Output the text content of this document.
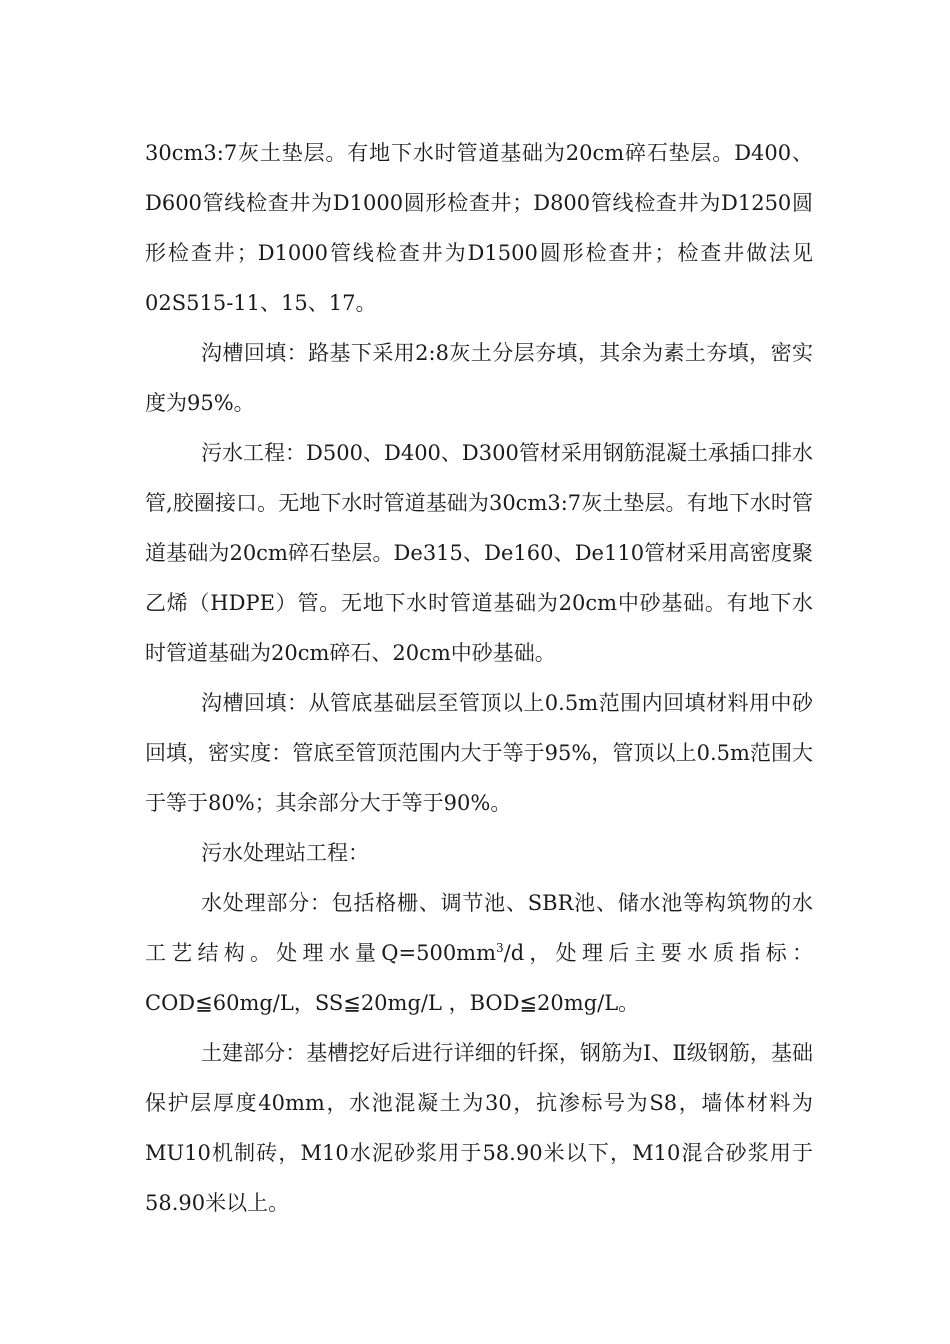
30cm3:7灰土垫层。有地下水时管道基础为20cm碎石垫层。D400、D600管线检查井为D1000圆形检查井；D800管线检查井为D1250圆形检查井；D1000管线检查井为D1500圆形检查井；检查井做法见02S515-11、15、17。

沟槽回填：路基下采用2:8灰土分层夯填，其余为素土夯填，密实度为95%。

污水工程：D500、D400、D300管材采用钢筋混凝土承插口排水管,胶圈接口。无地下水时管道基础为30cm3:7灰土垫层。有地下水时管道基础为20cm碎石垫层。De315、De160、De110管材采用高密度聚乙烯（HDPE）管。无地下水时管道基础为20cm中砂基础。有地下水时管道基础为20cm碎石、20cm中砂基础。

沟槽回填：从管底基础层至管顶以上0.5m范围内回填材料用中砂回填，密实度：管底至管顶范围内大于等于95%，管顶以上0.5m范围大于等于80%；其余部分大于等于90%。

污水处理站工程：

水处理部分：包括格栅、调节池、SBR池、储水池等构筑物的水工艺结构。处理水量$Q=500mm^3/d$，处理后主要水质指标：COD≦60mg/L，SS≦20mg/L ，BOD≦20mg/L。

土建部分：基槽挖好后进行详细的钎探，钢筋为Ⅰ、Ⅱ级钢筋，基础保护层厚度40mm，水池混凝土为30，抗渗标号为S8，墙体材料为MU10机制砖，M10水泥砂浆用于58.90米以下，M10混合砂浆用于58.90米以上。
